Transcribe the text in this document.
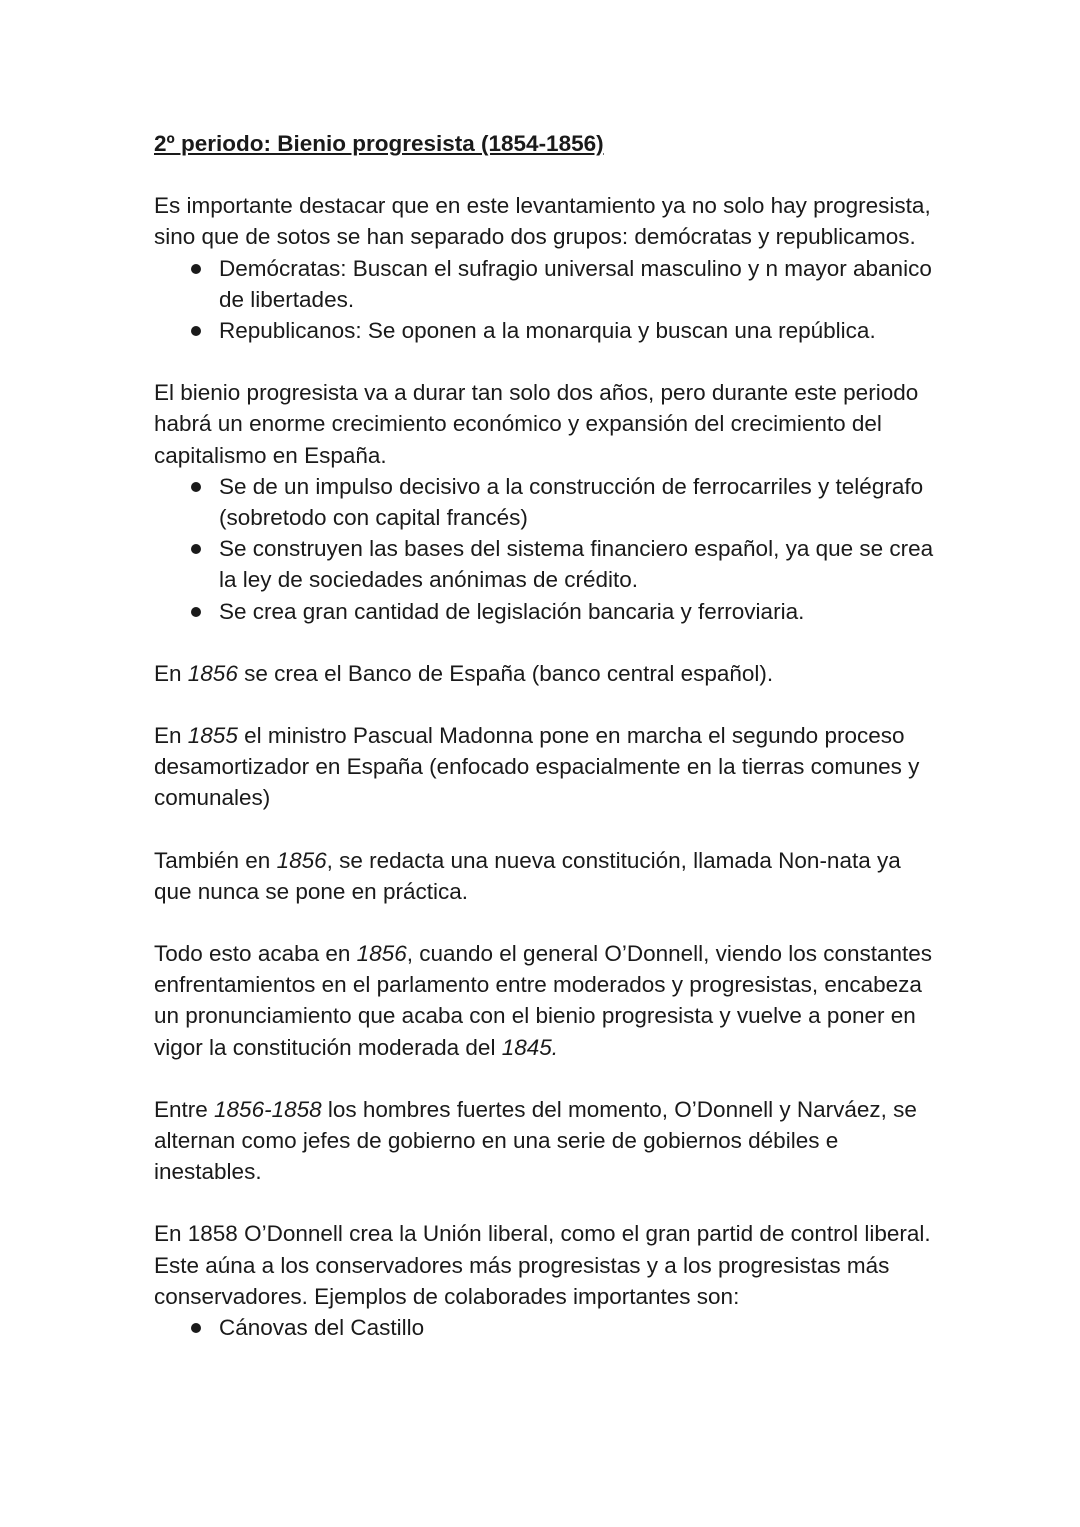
2º periodo: Bienio progresista (1854-1856)

Es importante destacar que en este levantamiento ya no solo hay progresista, sino que de sotos se han separado dos grupos: demócratas y republicamos.

Demócratas: Buscan el sufragio universal masculino y n mayor abanico de libertades.
Republicanos: Se oponen a la monarquia y buscan una república.

El bienio progresista va a durar tan solo dos años, pero durante este periodo habrá un enorme crecimiento económico y expansión del crecimiento del capitalismo en España.

Se de un impulso decisivo a la construcción de ferrocarriles y telégrafo (sobretodo con capital francés)
Se construyen las bases del sistema financiero español, ya que se crea la ley de sociedades anónimas de crédito.
Se crea gran cantidad de legislación bancaria y ferroviaria.

En 1856 se crea el Banco de España (banco central español).

En 1855 el ministro Pascual Madonna pone en marcha el segundo proceso desamortizador en España (enfocado espacialmente en la tierras comunes y comunales)

También en 1856, se redacta una nueva constitución, llamada Non-nata ya que nunca se pone en práctica.

Todo esto acaba en 1856, cuando el general O’Donnell, viendo los constantes enfrentamientos en el parlamento entre moderados y progresistas, encabeza un pronunciamiento que acaba con el bienio progresista y vuelve a poner en vigor la constitución moderada del 1845.

Entre 1856-1858 los hombres fuertes del momento, O’Donnell y Narváez, se alternan como jefes de gobierno en una serie de gobiernos débiles e inestables.

En 1858 O’Donnell crea la Unión liberal, como el gran partid de control liberal. Este aúna a los conservadores más progresistas y a los progresistas más conservadores. Ejemplos de colaborades importantes son:

Cánovas del Castillo
